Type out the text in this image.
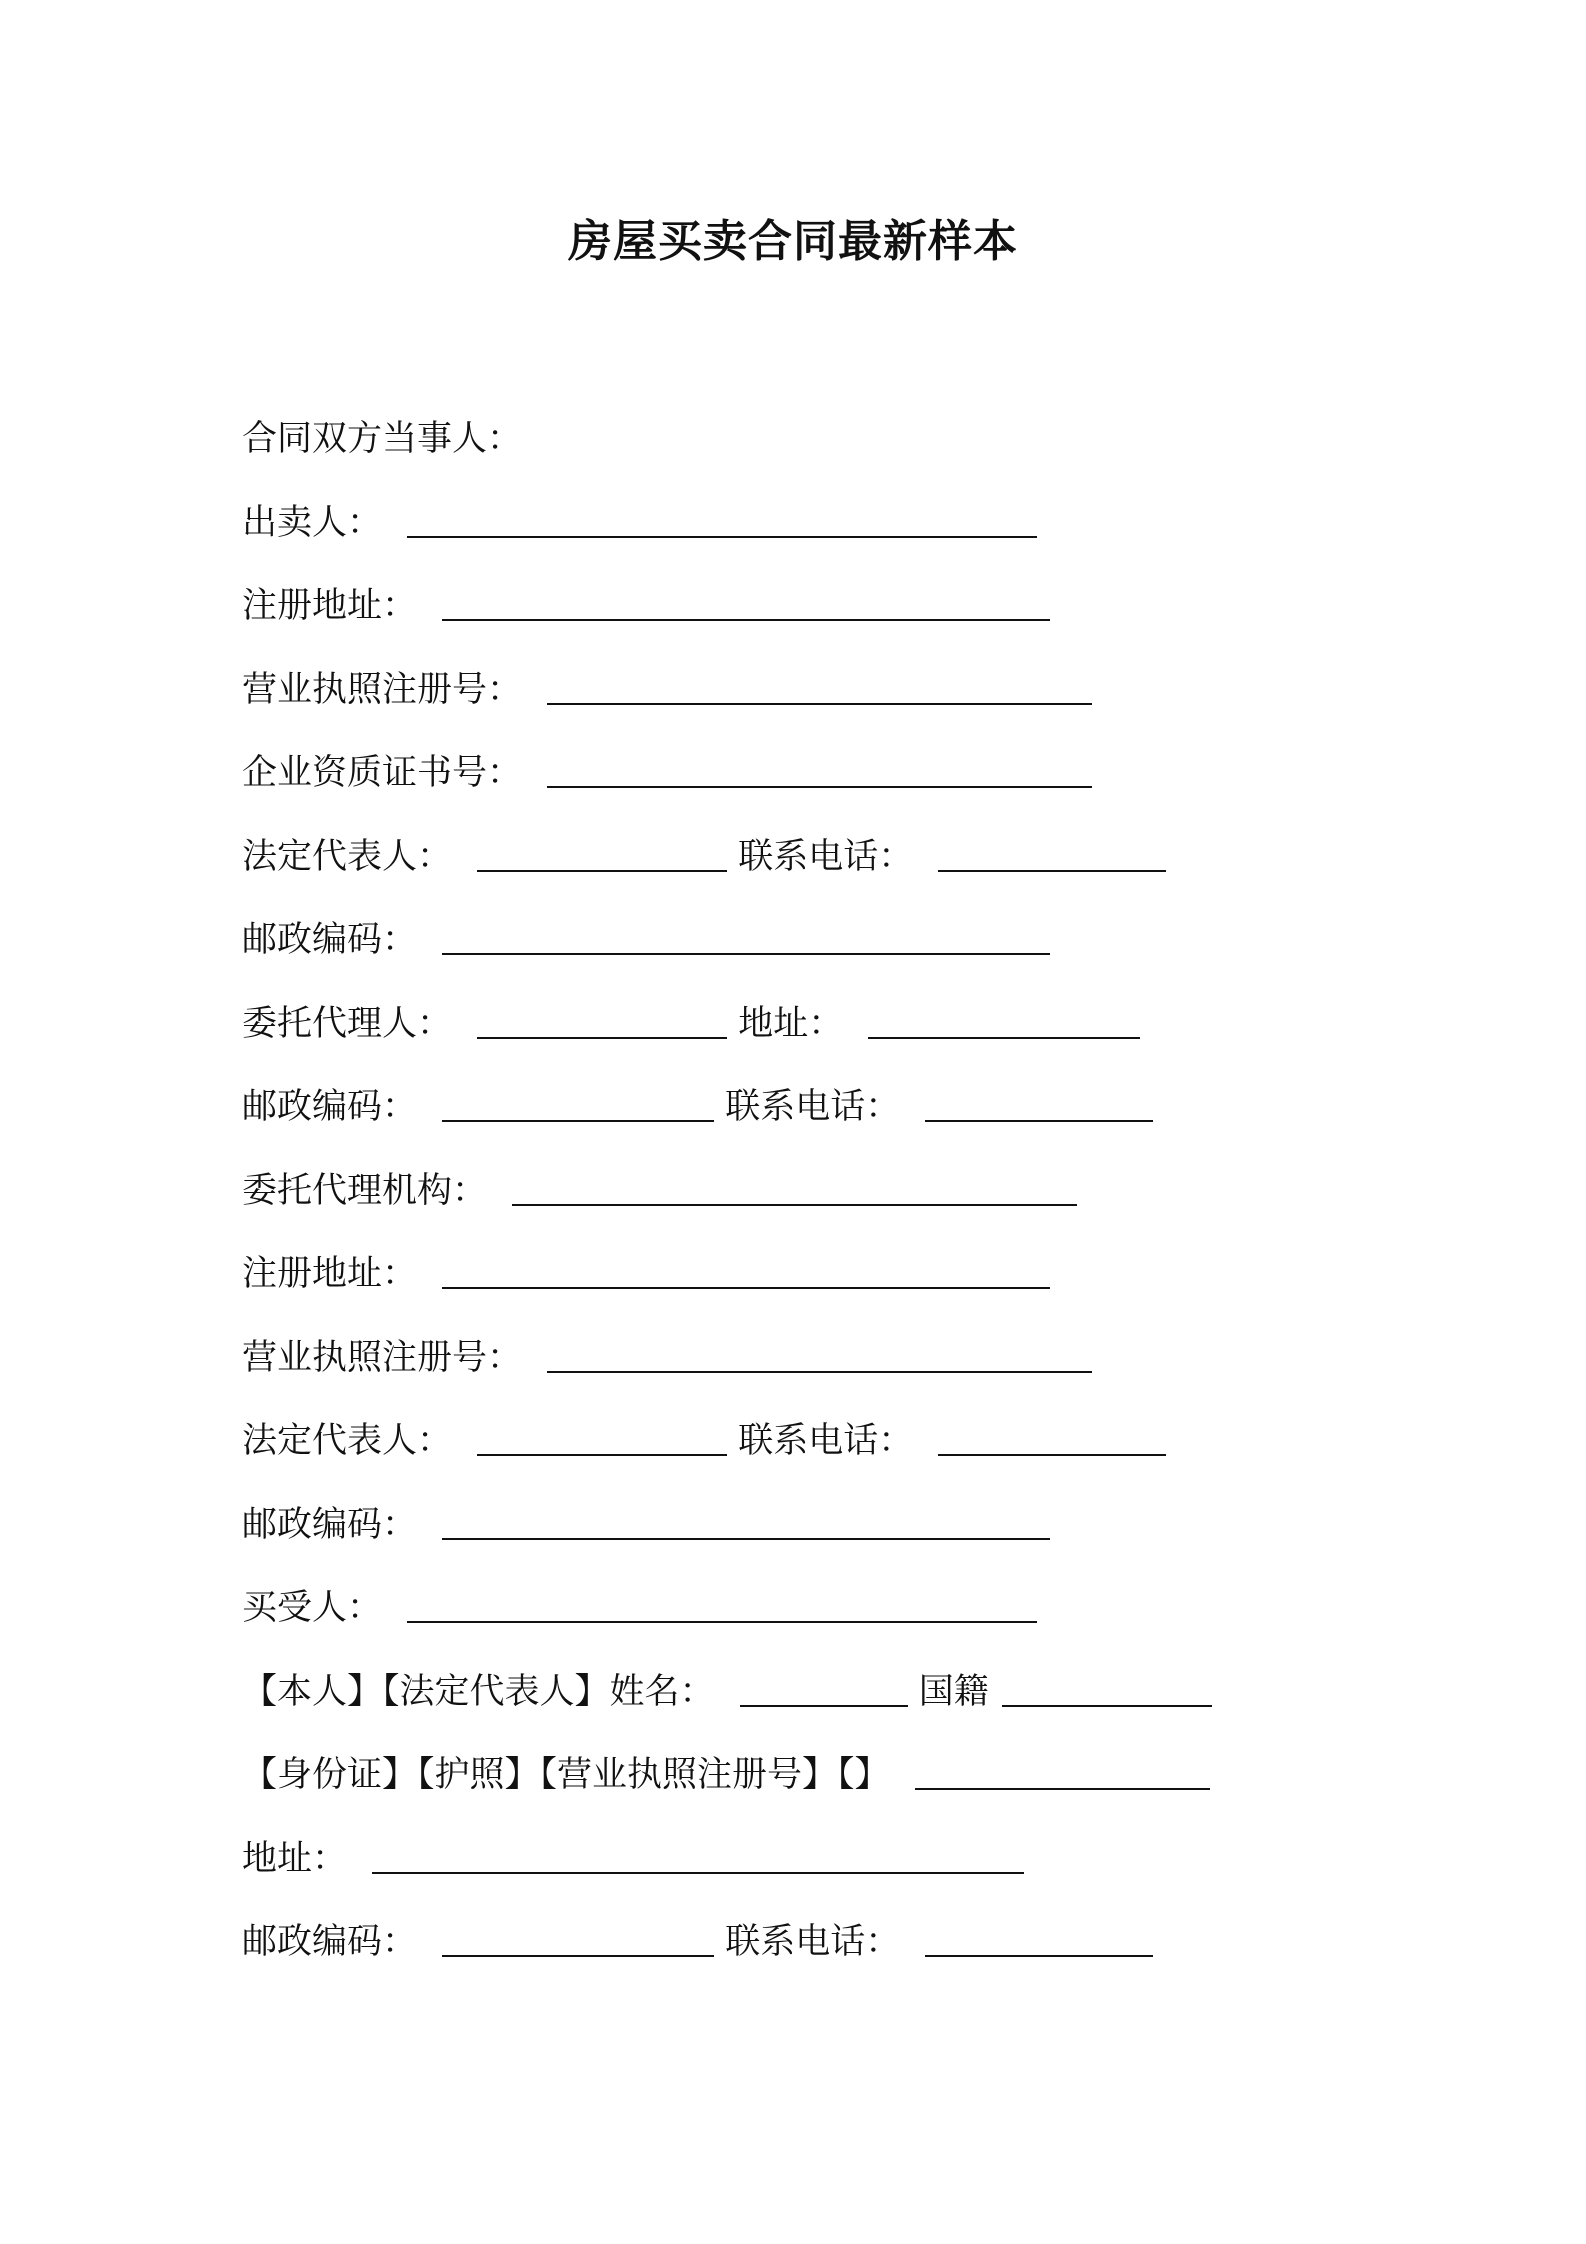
房屋买卖合同最新样本
合同双方当事人：
出卖人：
注册地址：
营业执照注册号：
企业资质证书号：
法定代表人：	联系电话：
邮政编码：
委托代理人：	地址：
邮政编码：	联系电话：
委托代理机构：
注册地址：
营业执照注册号：
法定代表人：	联系电话：
邮政编码：
买受人：
【本人】【法定代表人】姓名：	国籍
【身份证】【护照】【营业执照注册号】【】
地址：
邮政编码：	联系电话：
